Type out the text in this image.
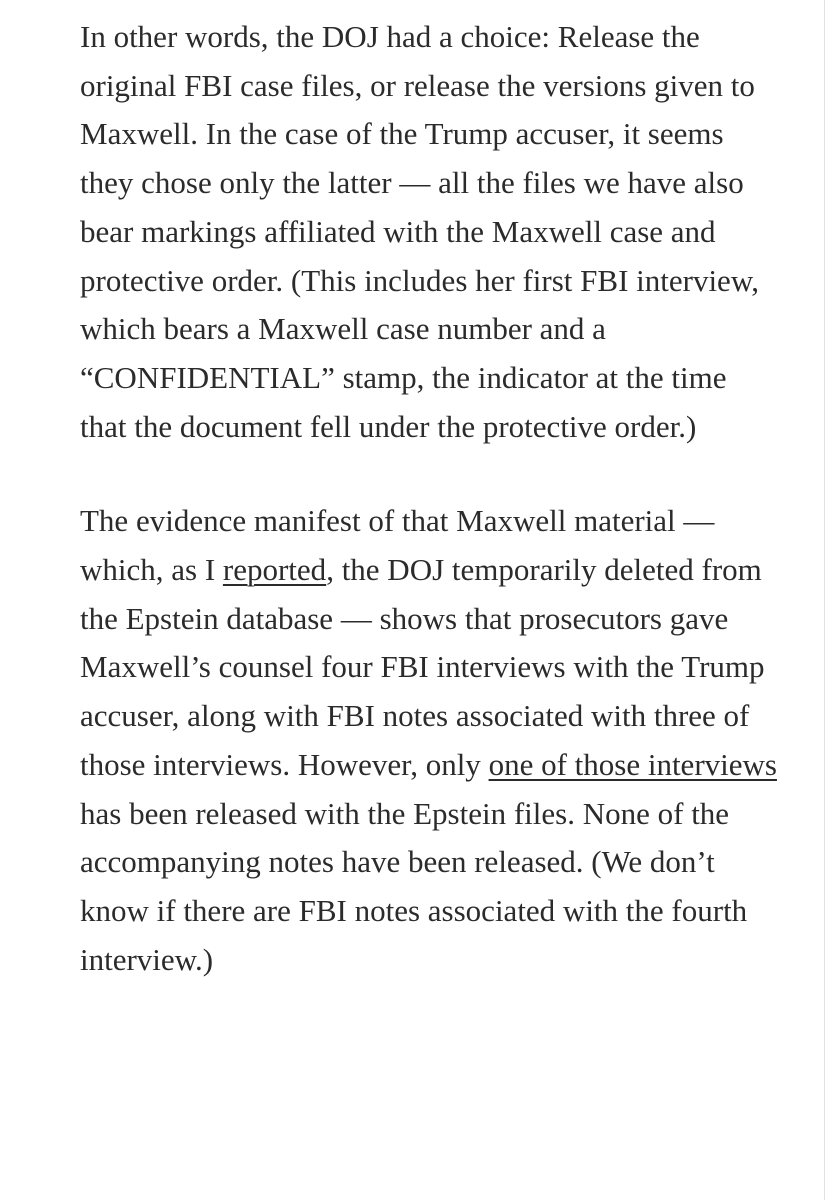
In other words, the DOJ had a choice: Release the original FBI case files, or release the versions given to Maxwell. In the case of the Trump accuser, it seems they chose only the latter — all the files we have also bear markings affiliated with the Maxwell case and protective order. (This includes her first FBI interview, which bears a Maxwell case number and a “CONFIDENTIAL” stamp, the indicator at the time that the document fell under the protective order.)

The evidence manifest of that Maxwell material — which, as I reported, the DOJ temporarily deleted from the Epstein database — shows that prosecutors gave Maxwell’s counsel four FBI interviews with the Trump accuser, along with FBI notes associated with three of those interviews. However, only one of those interviews has been released with the Epstein files. None of the accompanying notes have been released. (We don’t know if there are FBI notes associated with the fourth interview.)
